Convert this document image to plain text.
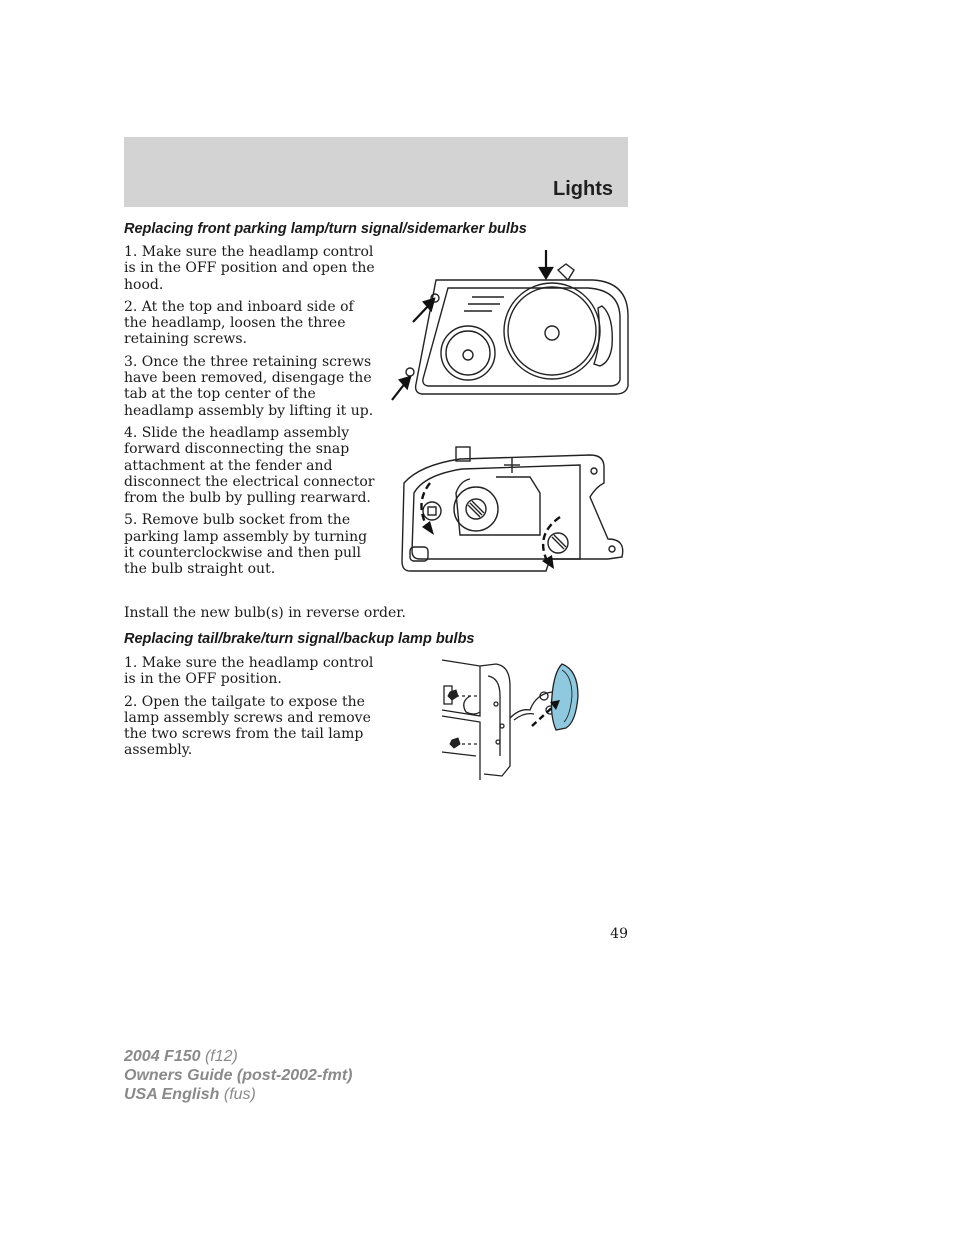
Lights
Replacing front parking lamp/turn signal/sidemarker bulbs
1. Make sure the headlamp control is in the OFF position and open the hood.
2. At the top and inboard side of the headlamp, loosen the three retaining screws.
3. Once the three retaining screws have been removed, disengage the tab at the top center of the headlamp assembly by lifting it up.
4. Slide the headlamp assembly forward disconnecting the snap attachment at the fender and disconnect the electrical connector from the bulb by pulling rearward.
5. Remove bulb socket from the parking lamp assembly by turning it counterclockwise and then pull the bulb straight out.
Install the new bulb(s) in reverse order.
Replacing tail/brake/turn signal/backup lamp bulbs
1. Make sure the headlamp control is in the OFF position.
2. Open the tailgate to expose the lamp assembly screws and remove the two screws from the tail lamp assembly.
49
2004 F150 (f12)
Owners Guide (post-2002-fmt)
USA English (fus)
